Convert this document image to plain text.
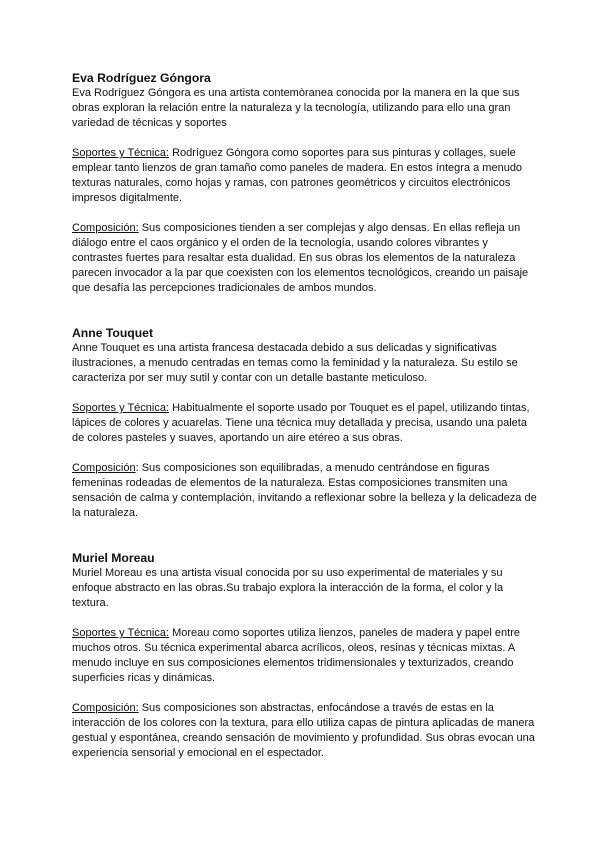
Eva Rodríguez Góngora

Eva Rodríguez Góngora es una artista contemòranea conocida por la manera en la que sus obras exploran la relación entre la naturaleza y la tecnología, utilizando para ello una gran variedad de técnicas y soportes

Soportes y Técnica: Rodríguez Góngora como soportes para sus pinturas y collages, suele emplear tanto lienzos de gran tamaño como paneles de madera. En estos íntegra a menudo texturas naturales, como hojas y ramas, con patrones geométricos y circuitos electrónicos impresos digitalmente.

Composición: Sus composiciones tienden a ser complejas y algo densas. En ellas refleja un diálogo entre el caos orgánico y el orden de la tecnología, usando colores vibrantes y contrastes fuertes para resaltar esta dualidad. En sus obras los elementos de la naturaleza parecen invocador a la par que coexisten con los elementos tecnológicos, creando un paisaje que desafía las percepciones tradicionales de ambos mundos.

Anne Touquet

Anne Touquet es una artista francesa destacada debido a sus delicadas y significativas ilustraciones, a menudo centradas en temas como la feminidad y la naturaleza. Su estilo se caracteriza por ser muy sutil y contar con un detalle bastante meticuloso.

Soportes y Técnica: Habitualmente el soporte usado por Touquet es el papel, utilizando tintas, lápices de colores y acuarelas. Tiene una técnica muy detallada y precisa, usando una paleta de colores pasteles y suaves, aportando un aire etéreo a sus obras.

Composición: Sus composiciones son equilibradas, a menudo centrándose en figuras femeninas rodeadas de elementos de la naturaleza. Estas composiciones transmiten una sensación de calma y contemplación, invitando a reflexionar sobre la belleza y la delicadeza de la naturaleza.

Muriel Moreau

Muriel Moreau es una artista visual conocida por su uso experimental de materiales y su enfoque abstracto en las obras.Su trabajo explora la interacción de la forma, el color y la textura.

Soportes y Técnica: Moreau como soportes utiliza lienzos, paneles de madera y papel entre muchos otros. Su técnica experimental abarca acrílicos, oleos, resinas y técnicas mixtas. A menudo incluye en sus composiciones elementos tridimensionales y texturizados, creando superficies ricas y dinámicas.

Composición: Sus composiciones son abstractas, enfocándose a través de estas en la interacción de los colores con la textura, para ello utiliza capas de pintura aplicadas de manera gestual y espontánea, creando sensación de movimiento y profundidad. Sus obras evocan una experiencia sensorial y emocional en el espectador.
